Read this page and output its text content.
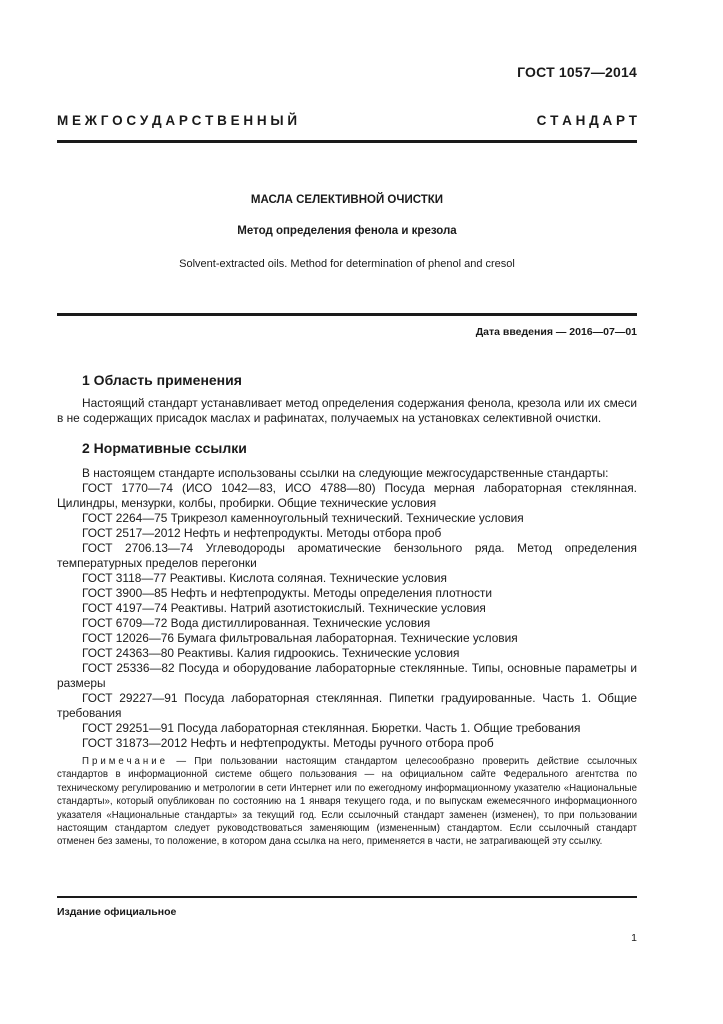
ГОСТ 1057—2014
М Е Ж Г О С У Д А Р С Т В Е Н Н Ы Й	С Т А Н Д А Р Т
МАСЛА СЕЛЕКТИВНОЙ ОЧИСТКИ
Метод определения фенола и крезола
Solvent-extracted oils. Method for determination of phenol and cresol
Дата введения — 2016—07—01
1 Область применения

Настоящий стандарт устанавливает метод определения содержания фенола, крезола или их смеси в не содержащих присадок маслах и рафинатах, получаемых на установках селективной очистки.

2 Нормативные ссылки

В настоящем стандарте использованы ссылки на следующие межгосударственные стандарты:

ГОСТ 1770—74 (ИСО 1042—83, ИСО 4788—80) Посуда мерная лабораторная стеклянная. Цилиндры, мензурки, колбы, пробирки. Общие технические условия

ГОСТ 2264—75 Трикрезол каменноугольный технический. Технические условия

ГОСТ 2517—2012 Нефть и нефтепродукты. Методы отбора проб

ГОСТ 2706.13—74 Углеводороды ароматические бензольного ряда. Метод определения температурных пределов перегонки

ГОСТ 3118—77 Реактивы. Кислота соляная. Технические условия

ГОСТ 3900—85 Нефть и нефтепродукты. Методы определения плотности

ГОСТ 4197—74 Реактивы. Натрий азотистокислый. Технические условия

ГОСТ 6709—72 Вода дистиллированная. Технические условия

ГОСТ 12026—76 Бумага фильтровальная лабораторная. Технические условия

ГОСТ 24363—80 Реактивы. Калия гидроокись. Технические условия

ГОСТ 25336—82 Посуда и оборудование лабораторные стеклянные. Типы, основные параметры и размеры

ГОСТ 29227—91 Посуда лабораторная стеклянная. Пипетки градуированные. Часть 1. Общие требования

ГОСТ 29251—91 Посуда лабораторная стеклянная. Бюретки. Часть 1. Общие требования

ГОСТ 31873—2012 Нефть и нефтепродукты. Методы ручного отбора проб

Примечание — При пользовании настоящим стандартом целесообразно проверить действие ссылочных стандартов в информационной системе общего пользования — на официальном сайте Федерального агентства по техническому регулированию и метрологии в сети Интернет или по ежегодному информационному указателю «Национальные стандарты», который опубликован по состоянию на 1 января текущего года, и по выпускам ежемесячного информационного указателя «Национальные стандарты» за текущий год. Если ссылочный стандарт заменен (изменен), то при пользовании настоящим стандартом следует руководствоваться заменяющим (измененным) стандартом. Если ссылочный стандарт отменен без замены, то положение, в котором дана ссылка на него, применяется в части, не затрагивающей эту ссылку.

Издание официальное
1
